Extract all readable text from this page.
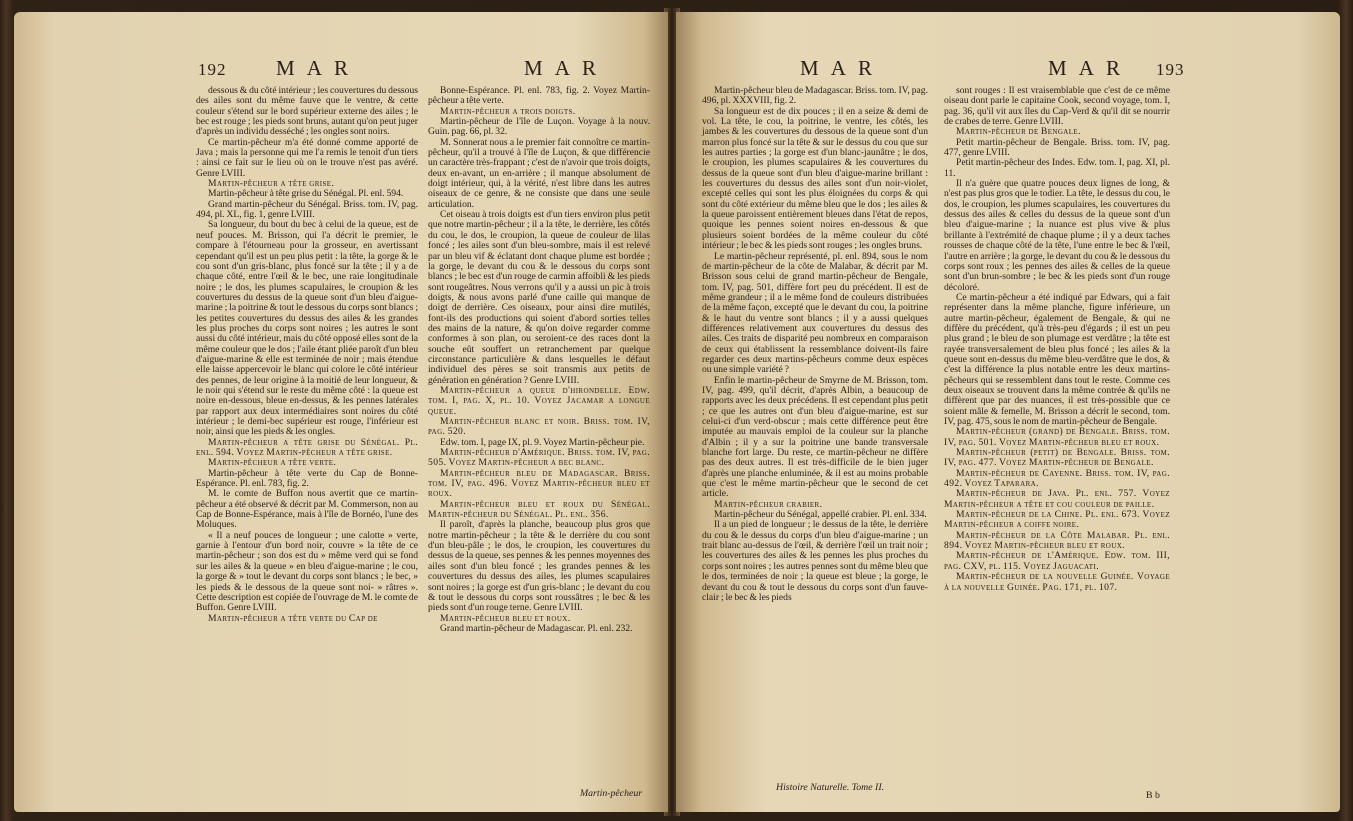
192 M A R	M A R

dessous & du côté intérieur ; les couvertures du dessous des ailes sont du même fauve que le ventre, & cette couleur s'étend sur le bord supérieur externe des ailes ; le bec est rouge ; les pieds sont bruns, autant qu'on peut juger d'après un individu desséché ; les ongles sont noirs.

Ce martin-pêcheur m'a été donné comme apporté de Java ; mais la personne qui me l'a remis le tenoit d'un tiers : ainsi ce fait sur le lieu où on le trouve n'est pas avéré. Genre LVIII.

Martin-pêcheur a tête grise.

Martin-pêcheur à tête grise du Sénégal. Pl. enl. 594.

Grand martin-pêcheur du Sénégal. Briss. tom. IV, pag. 494, pl. XL, fig. 1, genre LVIII.

Sa longueur, du bout du bec à celui de la queue, est de neuf pouces. M. Brisson, qui l'a décrit le premier, le compare à l'étourneau pour la grosseur, en avertissant cependant qu'il est un peu plus petit : la tête, la gorge & le cou sont d'un gris-blanc, plus foncé sur la tête ; il y a de chaque côté, entre l'œil & le bec, une raie longitudinale noire ; le dos, les plumes scapulaires, le croupion & les couvertures du dessus de la queue sont d'un bleu d'aigue-marine ; la poitrine & tout le dessous du corps sont blancs ; les petites couvertures du dessus des ailes & les grandes les plus proches du corps sont noires ; les autres le sont aussi du côté intérieur, mais du côté opposé elles sont de la même couleur que le dos ; l'aile étant pliée paroît d'un bleu d'aigue-marine & elle est terminée de noir ; mais étendue elle laisse appercevoir le blanc qui colore le côté intérieur des pennes, de leur origine à la moitié de leur longueur, & le noir qui s'étend sur le reste du même côté : la queue est noire en-dessous, bleue en-dessus, & les pennes latérales par rapport aux deux intermédiaires sont noires du côté intérieur ; le demi-bec supérieur est rouge, l'inférieur est noir, ainsi que les pieds & les ongles.

Martin-pêcheur a tête grise du Sénégal. Pl. enl. 594. Voyez Martin-pêcheur a tête grise.

Martin-pêcheur a tête verte.

Martin-pêcheur à tête verte du Cap de Bonne-Espérance. Pl. enl. 783, fig. 2.

M. le comte de Buffon nous avertit que ce martin-pêcheur a été observé & décrit par M. Commerson, non au Cap de Bonne-Espérance, mais à l'île de Bornéo, l'une des Moluques.

« Il a neuf pouces de longueur ; une calotte » verte, garnie à l'entour d'un bord noir, couvre » la tête de ce martin-pêcheur ; son dos est du » même verd qui se fond sur les ailes & la queue » en bleu d'aigue-marine ; le cou, la gorge & » tout le devant du corps sont blancs ; le bec, » les pieds & le dessous de la queue sont noi- » râtres ». Cette description est copiée de l'ouvrage de M. le comte de Buffon. Genre LVIII.

Martin-pêcheur a tête verte du Cap de

Bonne-Espérance. Pl. enl. 783, fig. 2. Voyez Martin-pêcheur a tête verte.

Martin-pêcheur a trois doigts.

Martin-pêcheur de l'île de Luçon. Voyage à la nouv. Guin. pag. 66, pl. 32.

M. Sonnerat nous a le premier fait connoître ce martin-pêcheur, qu'il a trouvé à l'île de Luçon, & que différencie un caractère très-frappant ; c'est de n'avoir que trois doigts, deux en-avant, un en-arrière ; il manque absolument de doigt intérieur, qui, à la vérité, n'est libre dans les autres oiseaux de ce genre, & ne consiste que dans une seule articulation.

Cet oiseau à trois doigts est d'un tiers environ plus petit que notre martin-pêcheur ; il a la tête, le derrière, les côtés du cou, le dos, le croupion, la queue de couleur de lilas foncé ; les ailes sont d'un bleu-sombre, mais il est relevé par un bleu vif & éclatant dont chaque plume est bordée ; la gorge, le devant du cou & le dessous du corps sont blancs ; le bec est d'un rouge de carmin affoibli & les pieds sont rougeâtres. Nous verrons qu'il y a aussi un pic à trois doigts, & nous avons parlé d'une caille qui manque de doigt de derrière. Ces oiseaux, pour ainsi dire mutilés, font-ils des productions qui soient d'abord sorties telles des mains de la nature, & qu'on doive regarder comme conformes à son plan, ou seroient-ce des races dont la souche eût souffert un retranchement par quelque circonstance particulière & dans lesquelles le défaut individuel des pères se soit transmis aux petits de génération en génération ? Genre LVIII.

Martin-pêcheur a queue d'hirondelle. Edw. tom. I, pag. X, pl. 10. Voyez Jacamar a longue queue.

Martin-pêcheur blanc et noir. Briss. tom. IV, pag. 520.

Edw. tom. I, page IX, pl. 9. Voyez Martin-pêcheur pie.

Martin-pêcheur d'Amérique. Briss. tom. IV, pag. 505. Voyez Martin-pêcheur a bec blanc.

Martin-pêcheur bleu de Madagascar. Briss. tom. IV, pag. 496. Voyez Martin-pêcheur bleu et roux.

Martin-pêcheur bleu et roux du Sénégal. Martin-pêcheur du Sénégal. Pl. enl. 356.

Il paroît, d'après la planche, beaucoup plus gros que notre martin-pêcheur ; la tête & le derrière du cou sont d'un bleu-pâle ; le dos, le croupion, les couvertures du dessus de la queue, ses pennes & les pennes moyennes des ailes sont d'un bleu foncé ; les grandes pennes & les couvertures du dessus des ailes, les plumes scapulaires sont noires ; la gorge est d'un gris-blanc ; le devant du cou & tout le dessous du corps sont roussâtres ; le bec & les pieds sont d'un rouge terne. Genre LVIII.

Martin-pêcheur bleu et roux.

Grand martin-pêcheur de Madagascar. Pl. enl. 232.

Martin-pêcheur
M A R	M A R 193

Martin-pêcheur bleu de Madagascar. Briss. tom. IV, pag. 496, pl. XXXVIII, fig. 2.

Sa longueur est de dix pouces ; il en a seize & demi de vol. La tête, le cou, la poitrine, le ventre, les côtés, les jambes & les couvertures du dessous de la queue sont d'un marron plus foncé sur la tête & sur le dessus du cou que sur les autres parties ; la gorge est d'un blanc-jaunâtre ; le dos, le croupion, les plumes scapulaires & les couvertures du dessus de la queue sont d'un bleu d'aigue-marine brillant : les couvertures du dessus des ailes sont d'un noir-violet, excepté celles qui sont les plus éloignées du corps & qui sont du côté extérieur du même bleu que le dos ; les ailes & la queue paroissent entièrement bleues dans l'état de repos, quoique les pennes soient noires en-dessous & que plusieurs soient bordées de la même couleur du côté intérieur ; le bec & les pieds sont rouges ; les ongles bruns.

Le martin-pêcheur représenté, pl. enl. 894, sous le nom de martin-pêcheur de la côte de Malabar, & décrit par M. Brisson sous celui de grand martin-pêcheur de Bengale, tom. IV, pag. 501, diffère fort peu du précédent. Il est de même grandeur ; il a le même fond de couleurs distribuées de la même façon, excepté que le devant du cou, la poitrine & le haut du ventre sont blancs ; il y a aussi quelques différences relativement aux couvertures du dessus des ailes. Ces traits de disparité peu nombreux en comparaison de ceux qui établissent la ressemblance doivent-ils faire regarder ces deux martins-pêcheurs comme deux espèces ou une simple variété ?

Enfin le martin-pêcheur de Smyrne de M. Brisson, tom. IV, pag. 499, qu'il décrit, d'après Albin, a beaucoup de rapports avec les deux précédens. Il est cependant plus petit ; ce que les autres ont d'un bleu d'aigue-marine, est sur celui-ci d'un verd-obscur ; mais cette différence peut être imputée au mauvais emploi de la couleur sur la planche d'Albin ; il y a sur la poitrine une bande transversale blanche fort large. Du reste, ce martin-pêcheur ne diffère pas des deux autres. Il est très-difficile de le bien juger d'après une planche enluminée, & il est au moins probable que c'est le même martin-pêcheur que le second de cet article.

Martin-pêcheur crabier.

Martin-pêcheur du Sénégal, appellé crabier. Pl. enl. 334.

Il a un pied de longueur ; le dessus de la tête, le derrière du cou & le dessus du corps d'un bleu d'aigue-marine ; un trait blanc au-dessus de l'œil, & derrière l'œil un trait noir ; les couvertures des ailes & les pennes les plus proches du corps sont noires ; les autres pennes sont du même bleu que le dos, terminées de noir ; la queue est bleue ; la gorge, le devant du cou & tout le dessous du corps sont d'un fauve-clair ; le bec & les pieds

Histoire Naturelle. Tome II.

sont rouges : Il est vraisemblable que c'est de ce même oiseau dont parle le capitaine Cook, second voyage, tom. I, pag. 36, qu'il vit aux îles du Cap-Verd & qu'il dit se nourrir de crabes de terre. Genre LVIII.

Martin-pêcheur de Bengale.

Petit martin-pêcheur de Bengale. Briss. tom. IV, pag. 477, genre LVIII.

Petit martin-pêcheur des Indes. Edw. tom. I, pag. XI, pl. 11.

Il n'a guère que quatre pouces deux lignes de long, & n'est pas plus gros que le todier. La tête, le dessus du cou, le dos, le croupion, les plumes scapulaires, les couvertures du dessus des ailes & celles du dessus de la queue sont d'un bleu d'aigue-marine ; la nuance est plus vive & plus brillante à l'extrémité de chaque plume ; il y a deux taches rousses de chaque côté de la tête, l'une entre le bec & l'œil, l'autre en arrière ; la gorge, le devant du cou & le dessous du corps sont roux ; les pennes des ailes & celles de la queue sont d'un brun-sombre ; le bec & les pieds sont d'un rouge décoloré.

Ce martin-pêcheur a été indiqué par Edwars, qui a fait représenter dans la même planche, figure inférieure, un autre martin-pêcheur, également de Bengale, & qui ne diffère du précédent, qu'à très-peu d'égards ; il est un peu plus grand ; le bleu de son plumage est verdâtre ; la tête est rayée transversalement de bleu plus foncé ; les ailes & la queue sont en-dessus du même bleu-verdâtre que le dos, & c'est la différence la plus notable entre les deux martins-pêcheurs qui se ressemblent dans tout le reste. Comme ces deux oiseaux se trouvent dans la même contrée & qu'ils ne diffèrent que par des nuances, il est très-possible que ce soient mâle & femelle, M. Brisson a décrit le second, tom. IV, pag. 475, sous le nom de martin-pêcheur de Bengale.

Martin-pêcheur (grand) de Bengale. Briss. tom. IV, pag. 501. Voyez Martin-pêcheur bleu et roux.

Martin-pêcheur (petit) de Bengale. Briss. tom. IV, pag. 477. Voyez Martin-pêcheur de Bengale.

Martin-pêcheur de Cayenne. Briss. tom. IV, pag. 492. Voyez Taparara.

Martin-pêcheur de Java. Pl. enl. 757. Voyez Martin-pêcheur a tête et cou couleur de paille.

Martin-pêcheur de la Chine. Pl. enl. 673. Voyez Martin-pêcheur a coiffe noire.

Martin-pêcheur de la Côte Malabar. Pl. enl. 894. Voyez Martin-pêcheur bleu et roux.

Martin-pêcheur de l'Amérique. Edw. tom. III, pag. CXV, pl. 115. Voyez Jaguacati.

Martin-pêcheur de la nouvelle Guinée. Voyage à la nouvelle Guinée. Pag. 171, pl. 107.

B b
